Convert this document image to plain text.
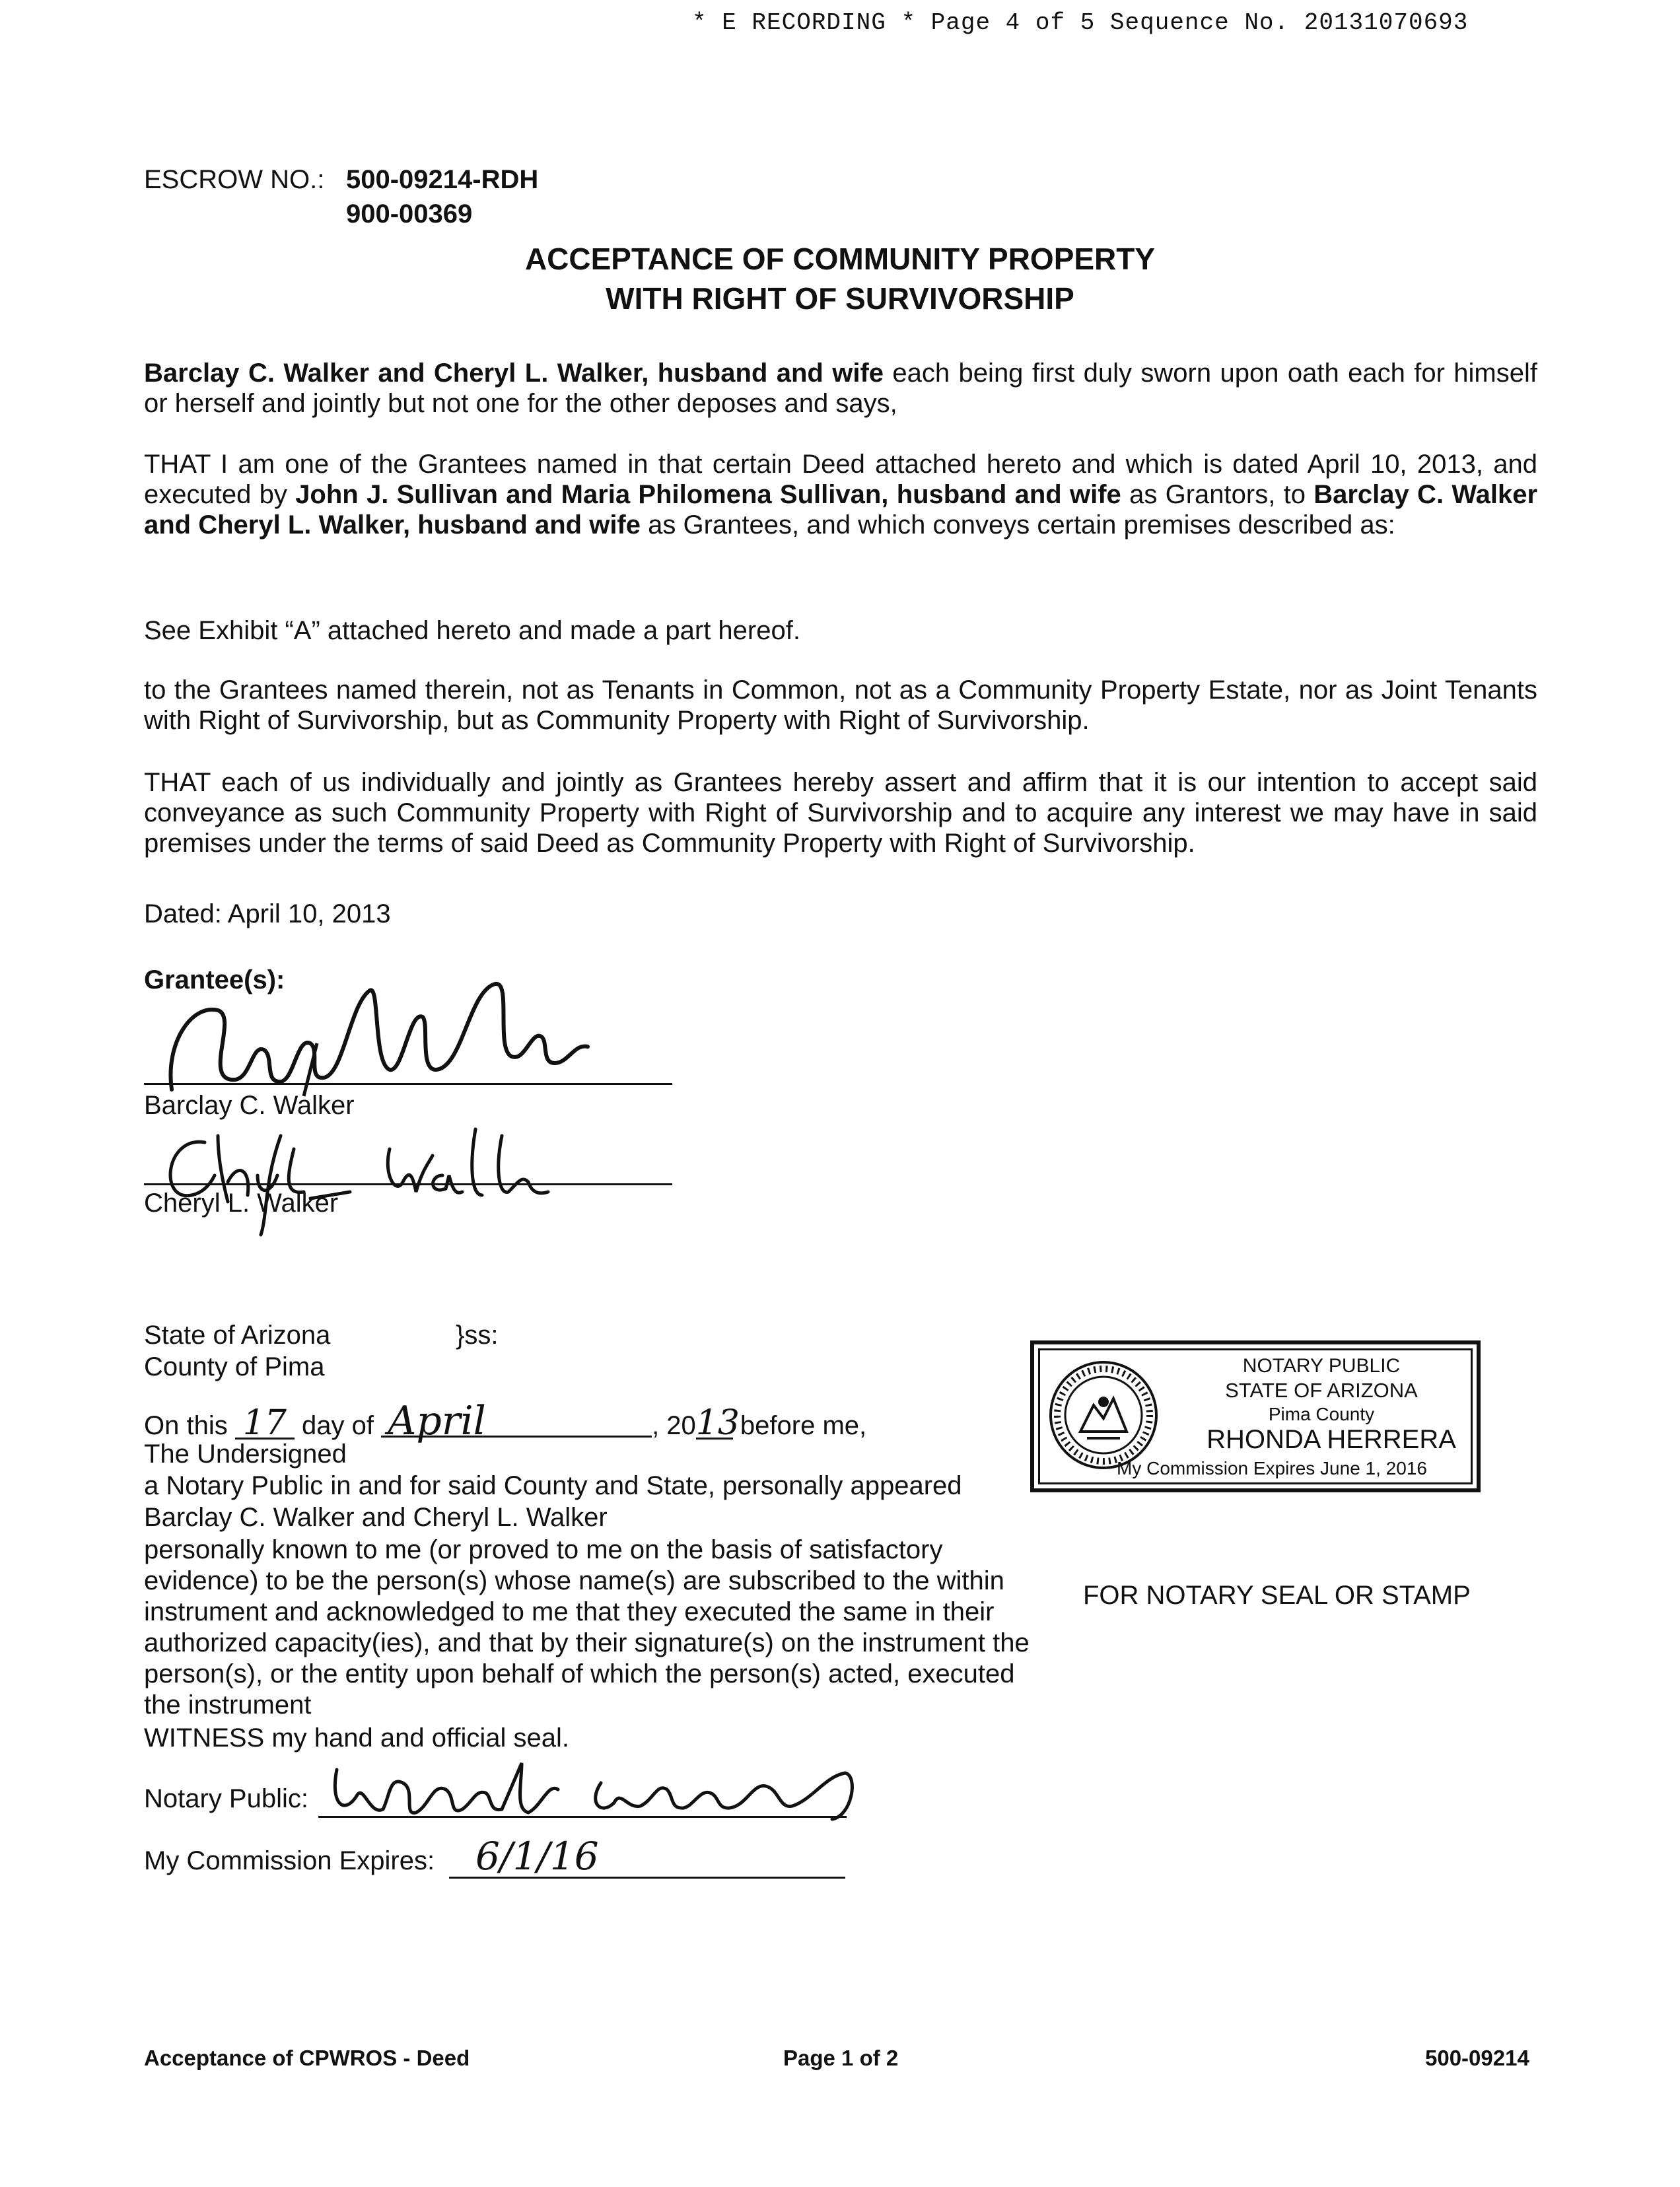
* E RECORDING * Page 4 of 5 Sequence No. 20131070693
ESCROW NO.: 500-09214-RDH
900-00369
ACCEPTANCE OF COMMUNITY PROPERTY
WITH RIGHT OF SURVIVORSHIP

Barclay C. Walker and Cheryl L. Walker, husband and wife each being first duly sworn upon oath each for himself or herself and jointly but not one for the other deposes and says,

THAT I am one of the Grantees named in that certain Deed attached hereto and which is dated April 10, 2013, and executed by John J. Sullivan and Maria Philomena Sullivan, husband and wife as Grantors, to Barclay C. Walker and Cheryl L. Walker, husband and wife as Grantees, and which conveys certain premises described as:

See Exhibit “A” attached hereto and made a part hereof.

to the Grantees named therein, not as Tenants in Common, not as a Community Property Estate, nor as Joint Tenants with Right of Survivorship, but as Community Property with Right of Survivorship.

THAT each of us individually and jointly as Grantees hereby assert and affirm that it is our intention to accept said conveyance as such Community Property with Right of Survivorship and to acquire any interest we may have in said premises under the terms of said Deed as Community Property with Right of Survivorship.

Dated: April 10, 2013
Grantee(s):
Barclay C. Walker
Cheryl L. Walker
State of Arizona	}ss:
County of Pima
On this 17 day of April	, 2013 before me,
The Undersigned
a Notary Public in and for said County and State, personally appeared
Barclay C. Walker and Cheryl L. Walker
personally known to me (or proved to me on the basis of satisfactory evidence) to be the person(s) whose name(s) are subscribed to the within instrument and acknowledged to me that they executed the same in their authorized capacity(ies), and that by their signature(s) on the instrument the person(s), or the entity upon behalf of which the person(s) acted, executed the instrument
WITNESS my hand and official seal.
Notary Public:
My Commission Expires:	6/1/16
NOTARY PUBLIC
STATE OF ARIZONA
Pima County
RHONDA HERRERA
My Commission Expires June 1, 2016
FOR NOTARY SEAL OR STAMP
Acceptance of CPWROS - Deed	Page 1 of 2	500-09214
